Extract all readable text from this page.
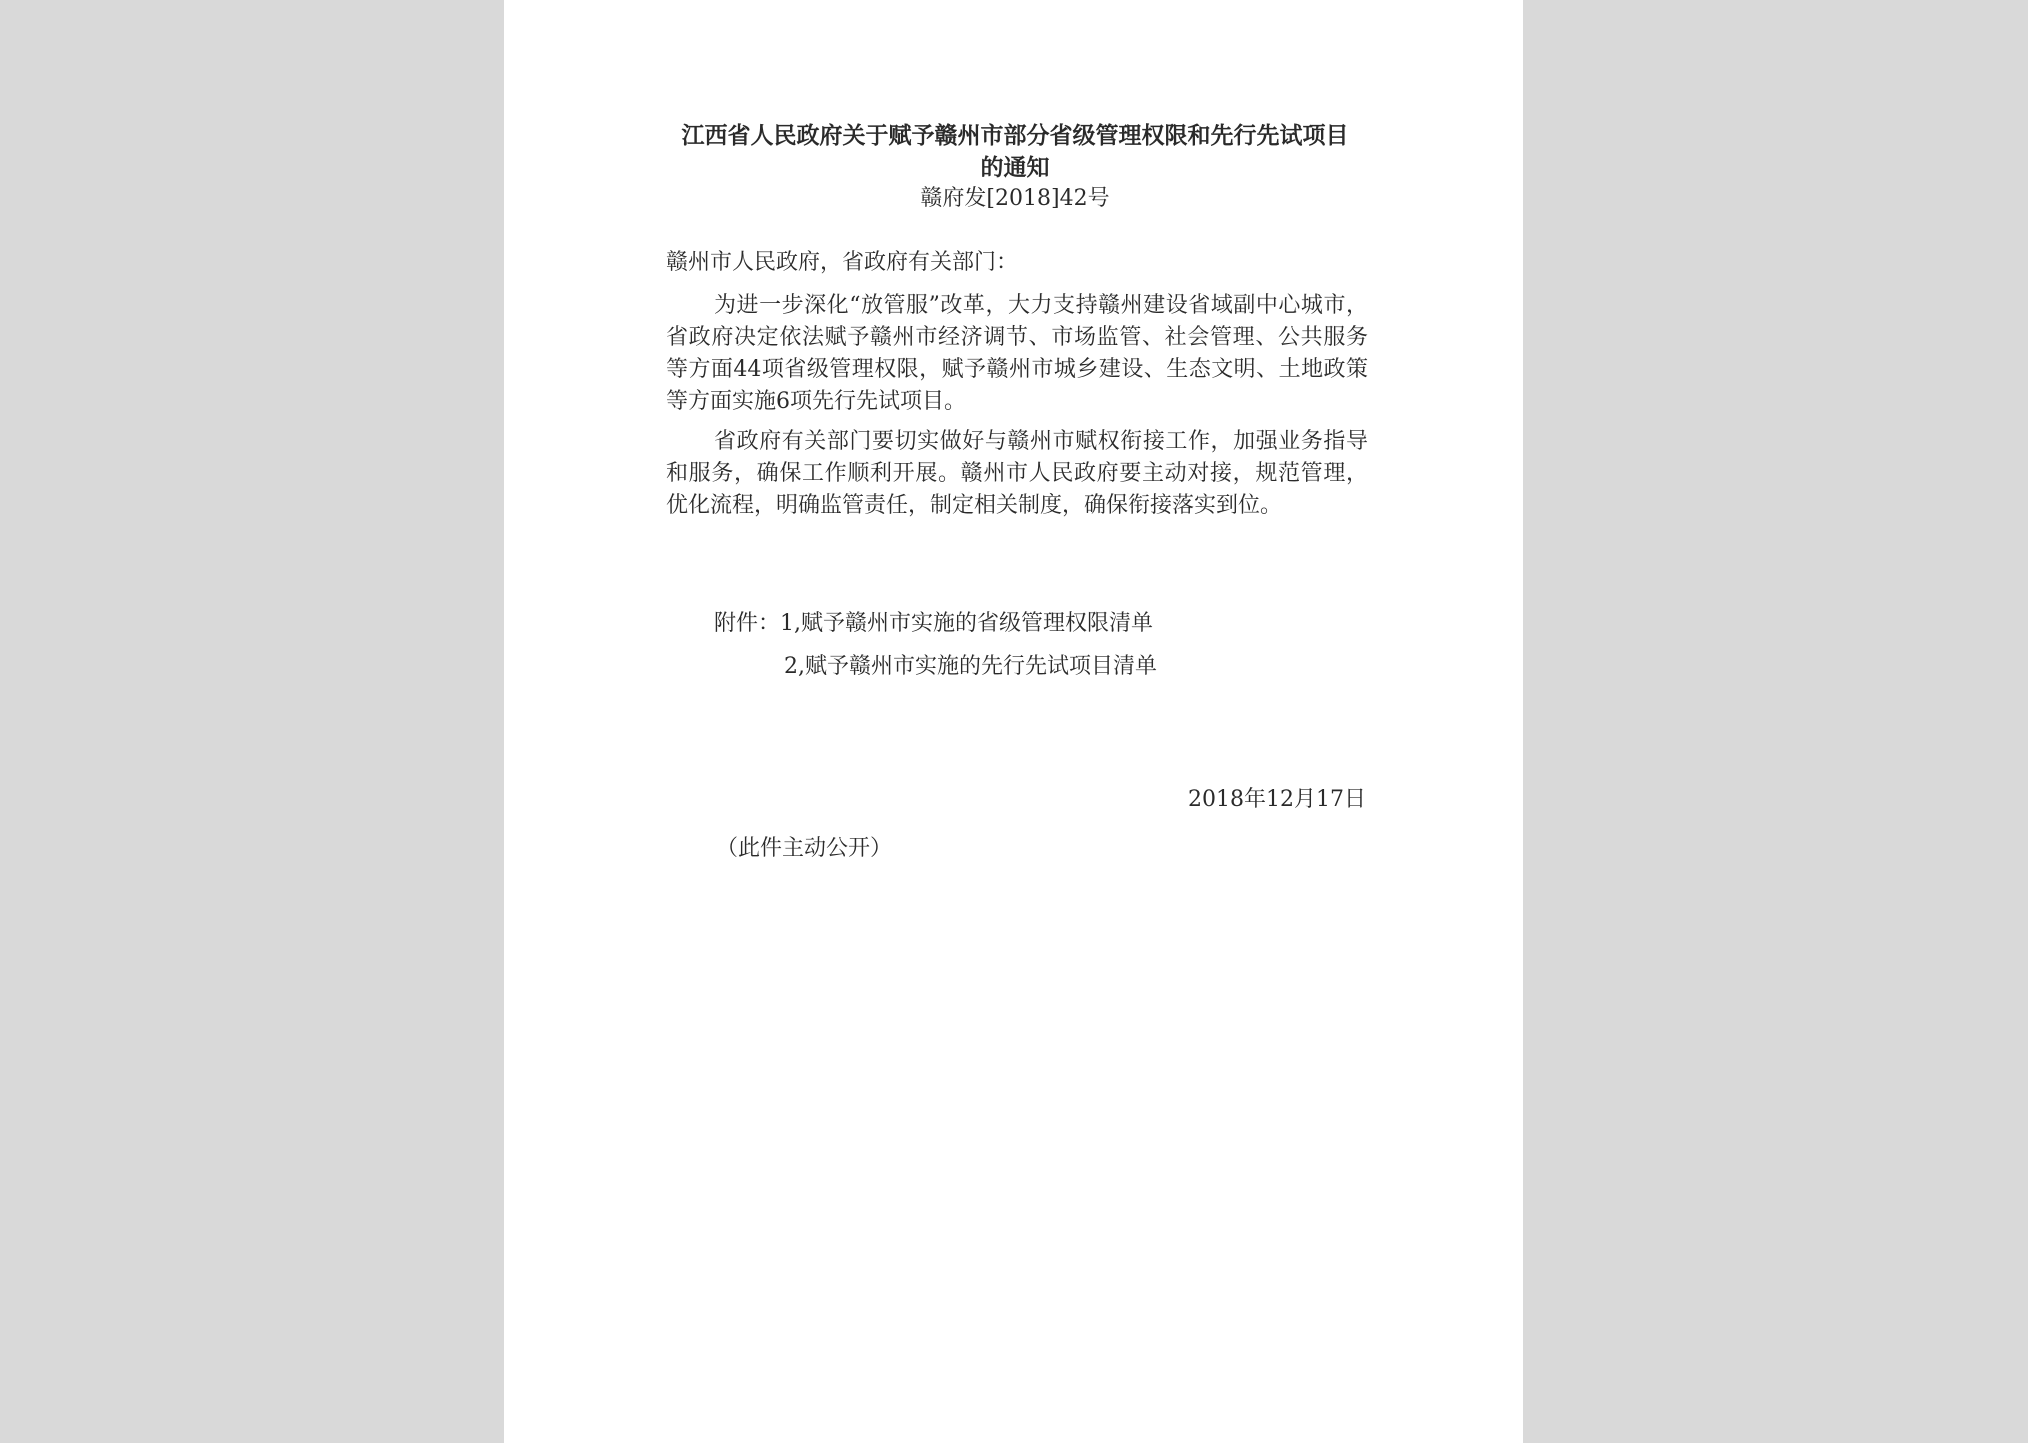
江西省人民政府关于赋予赣州市部分省级管理权限和先行先试项目
的通知
赣府发[2018]42号
赣州市人民政府，省政府有关部门：
为进一步深化“放管服”改革，大力支持赣州建设省域副中心城市，省政府决定依法赋予赣州市经济调节、市场监管、社会管理、公共服务等方面44项省级管理权限，赋予赣州市城乡建设、生态文明、土地政策等方面实施6项先行先试项目。
省政府有关部门要切实做好与赣州市赋权衔接工作，加强业务指导和服务，确保工作顺利开展。赣州市人民政府要主动对接，规范管理，优化流程，明确监管责任，制定相关制度，确保衔接落实到位。
附件：1,赋予赣州市实施的省级管理权限清单
2,赋予赣州市实施的先行先试项目清单
2018年12月17日
（此件主动公开）
